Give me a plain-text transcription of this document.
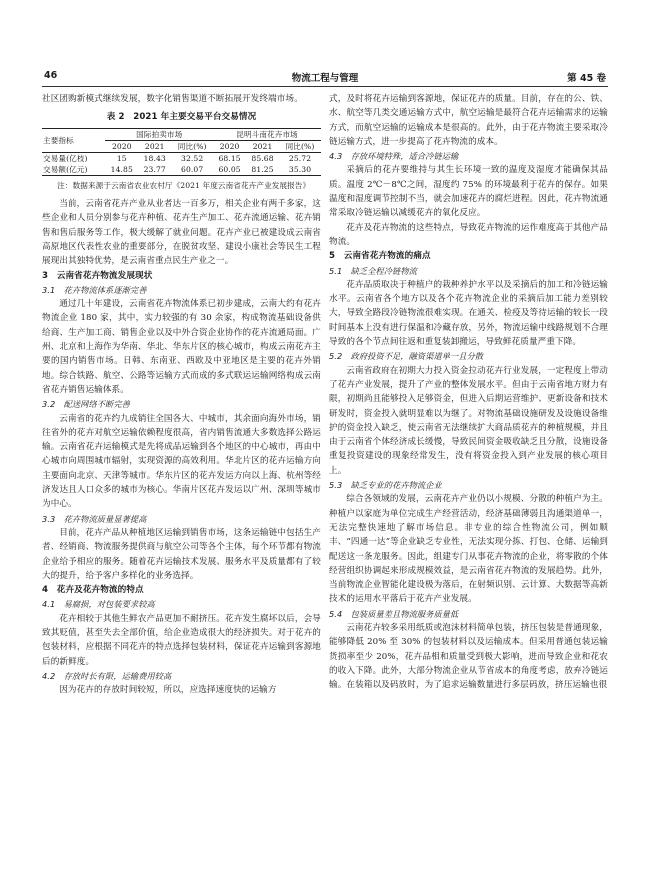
46	物流工程与管理	第 45 卷

社区团购新模式继续发展，数字化销售渠道不断拓展开发终端市场。

表 2　2021 年主要交易平台交易情况
主要指标	国际拍卖市场			昆明斗南花卉市场		
	2020	2021	同比(%)	2020	2021	同比(%)
交易量(亿枝)	15	18.43	32.52	68.15	85.68	25.72
交易额(亿元)	14.85	23.77	60.07	60.05	81.25	35.30
注：数据来源于云南省农业农村厅《2021 年度云南省花卉产业发展报告》

当前，云南省花卉产业从业者达一百多万，相关企业有两千多家，这些企业和人员分别参与花卉种植、花卉生产加工、花卉流通运输、花卉销售和售后服务等工作，极大缓解了就业问题。花卉产业已被建设成云南省高原地区代表性农业的重要部分，在脱贫攻坚、建设小康社会等民生工程展现出其独特优势，是云南省重点民生产业之一。

3　云南省花卉物流发展现状
3.1　花卉物流体系逐渐完善

通过几十年建设，云南省花卉物流体系已初步建成，云南大约有花卉物流企业 180 家，其中，实力较强的有 30 余家，构成物流基础设备供给商、生产加工商、销售企业以及中外合资企业协作的花卉流通局面。广州、北京和上海作为华南、华北、华东片区的核心城市，构成云南花卉主要的国内销售市场。日韩、东南亚、西欧及中亚地区是主要的花卉外销地。综合铁路、航空、公路等运输方式而成的多式联运运输网络构成云南省花卉销售运输体系。

3.2　配送网络不断完善

云南省的花卉约九成销往全国各大、中城市，其余面向海外市场，销往省外的花卉对航空运输依赖程度很高，省内销售流通大多数选择公路运输。云南省花卉运输模式是先将成品运输到各个地区的中心城市，再由中心城市向周围城市辐射，实现资源的高效利用。华北片区的花卉运输方向主要面向北京、天津等城市。华东片区的花卉发运方向以上海、杭州等经济发达且人口众多的城市为核心。华南片区花卉发运以广州、深圳等城市为中心。

3.3　花卉物流质量显著提高

目前，花卉产品从种植地区运输到销售市场，这条运输链中包括生产者、经销商、物流服务提供商与航空公司等各个主体，每个环节都有物流企业给予相应的服务。随着花卉运输技术发展、服务水平及质量都有了较大的提升，给予客户多样化的业务选择。

4　花卉及花卉物流的特点
4.1　易腐损，对包装要求较高

花卉相较于其他生鲜农产品更加不耐挤压。花卉发生腐坏以后，会导致其贬值，甚至失去全部价值，给企业造成很大的经济损失。对于花卉的包装材料，应根据不同花卉的特点选择包装材料，保证花卉运输到客源地后的新鲜度。

4.2　存放时长有限，运输费用较高

因为花卉的存放时间较短，所以，应选择速度快的运输方

式，及时将花卉运输到客源地，保证花卉的质量。目前，存在的公、铁、水、航空等几类交通运输方式中，航空运输是最符合花卉运输需求的运输方式，而航空运输的运输成本是很高的。此外，由于花卉物流主要采取冷链运输方式，进一步提高了花卉物流的成本。

4.3　存放环境特殊，适合冷链运输

采摘后的花卉要维持与其生长环境一致的温度及湿度才能确保其品质。温度 2℃－8℃之间，湿度约 75% 的环境最利于花卉的保存。如果温度和湿度调节控制不当，就会加速花卉的腐烂进程。因此，花卉物流通常采取冷链运输以减缓花卉的氧化反应。

花卉及花卉物流的这些特点，导致花卉物流的运作难度高于其他产品物流。

5　云南省花卉物流的痛点
5.1　缺乏全程冷链物流

花卉品质取决于种植户的栽种养护水平以及采摘后的加工和冷链运输水平。云南省各个地方以及各个花卉物流企业的采摘后加工能力差别较大，导致全路段冷链物流很难实现。在通关、检疫及等待运输的较长一段时间基本上没有进行保温和冷藏存放，另外，物流运输中线路规划不合理导致的各个节点间往返和重复装卸搬运，导致鲜花质量严重下降。

5.2　政府投资不足，融资渠道单一且分散

云南省政府在初期大力投入资金拉动花卉行业发展，一定程度上带动了花卉产业发展，提升了产业的整体发展水平。但由于云南省地方财力有限，初期尚且能够投入足够资金，但进入后期运营维护、更新设备和技术研发时，资金投入就明显难以为继了。对物流基础设施研发及设施设备维护的资金投入缺乏，使云南省无法继续扩大商品质花卉的种植规模，并且由于云南省个体经济成长缓慢，导致民间资金吸收缺乏且分散，设施设备重复投资建设的现象经常发生，没有将资金投入到产业发展的核心项目上。

5.3　缺乏专业的花卉物流企业

综合各领域的发展，云南花卉产业仍以小规模、分散的种植户为主。种植户以家庭为单位完成生产经营活动，经济基础薄弱且沟通渠道单一，无法完整快速地了解市场信息。非专业的综合性物流公司，例如顺丰、“四通一达”等企业缺乏专业性，无法实现分拣、打包、仓储、运输到配送这一条龙服务。因此，组建专门从事花卉物流的企业，将零散的个体经营组织协调起来形成规模效益，是云南省花卉物流的发展趋势。此外，当前物流企业智能化建设极为落后，在射频识别、云计算、大数据等高新技术的运用水平落后于花卉产业发展。

5.4　包装质量差且物流服务质量低

云南花卉较多采用纸质或泡沫材料简单包装，挤压包装是普通现象，能够降低 20% 至 30% 的包装材料以及运输成本。但采用普通包装运输货损率至少 20%，花卉品相和质量受到极大影响，进而导致企业和花农的收入下降。此外，大部分物流企业从节省成本的角度考虑，放弃冷链运输。在装箱以及码放时，为了追求运输数量进行多层码放，挤压运输也很
